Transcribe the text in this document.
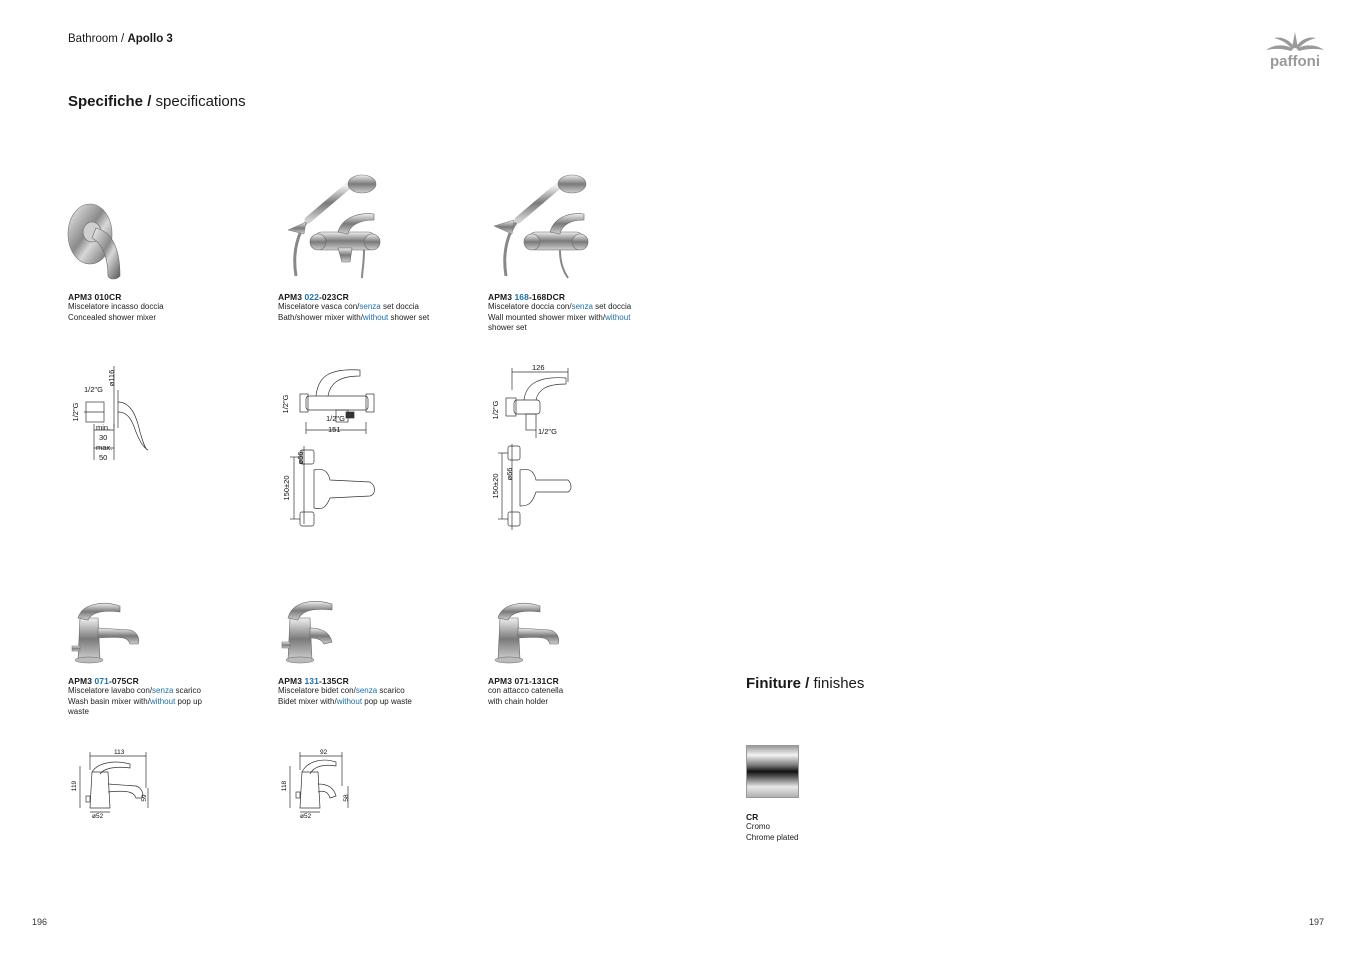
Bathroom / Apollo 3
paffoni
Specifiche / specifications
APM3 010CR
Miscelatore incasso doccia
Concealed shower mixer
APM3 022-023CR
Miscelatore vasca con/senza set doccia
Bath/shower mixer with/without shower set
APM3 168-168DCR
Miscelatore doccia con/senza set doccia
Wall mounted shower mixer with/without
shower set
ø116
1/2"G
1/2"G
min.
30
max.
50
1/2"G
1/2"G
151
150±20
ø66
126
1/2"G
1/2"G
150±20 ø66
APM3 071-075CR
Miscelatore lavabo con/senza scarico
Wash basin mixer with/without pop up
waste
APM3 131-135CR
Miscelatore bidet con/senza scarico
Bidet mixer with/without pop up waste
APM3 071-131CR
con attacco catenella
with chain holder
113
119
59
ø52
92
118
58
ø52
Finiture / finishes
CR
Cromo
Chrome plated
196	197
